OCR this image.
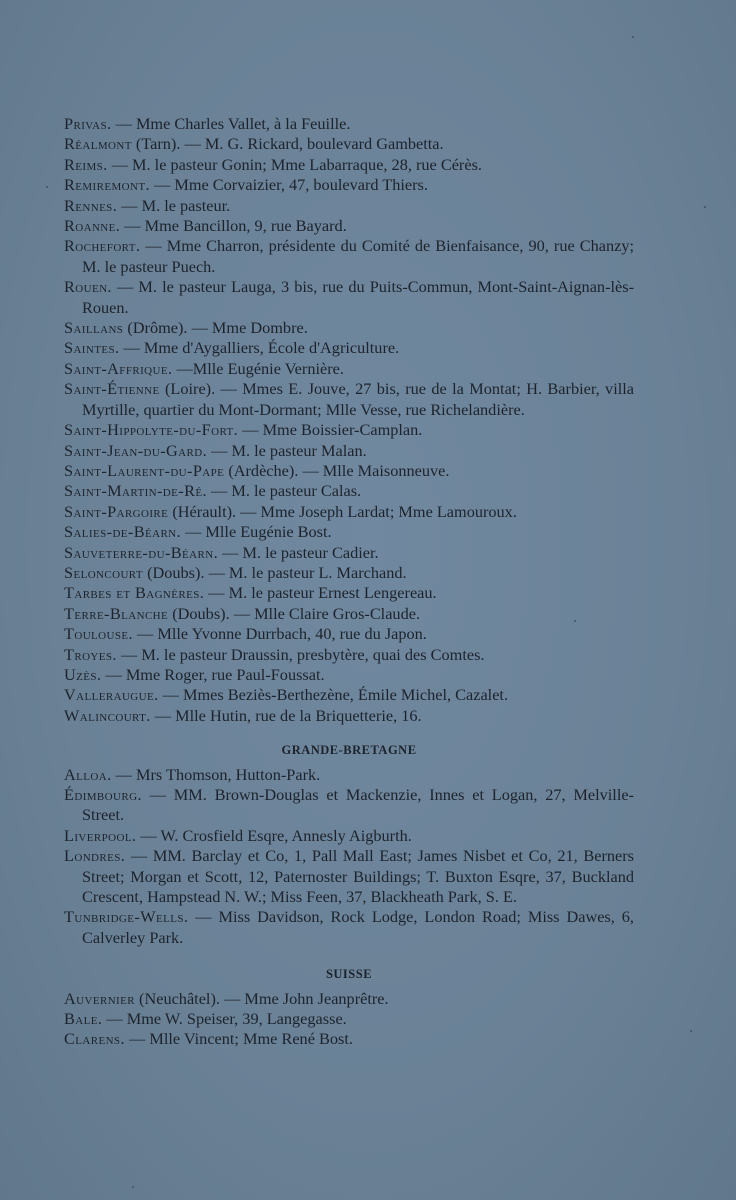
Privas. — Mme Charles Vallet, à la Feuille.
Réalmont (Tarn). — M. G. Rickard, boulevard Gambetta.
Reims. — M. le pasteur Gonin; Mme Labarraque, 28, rue Cérès.
Remiremont. — Mme Corvaizier, 47, boulevard Thiers.
Rennes. — M. le pasteur.
Roanne. — Mme Bancillon, 9, rue Bayard.
Rochefort. — Mme Charron, présidente du Comité de Bienfaisance, 90, rue Chanzy; M. le pasteur Puech.
Rouen. — M. le pasteur Lauga, 3 bis, rue du Puits-Commun, Mont-Saint-Aignan-lès-Rouen.
Saillans (Drôme). — Mme Dombre.
Saintes. — Mme d'Aygalliers, École d'Agriculture.
Saint-Affrique. —Mlle Eugénie Vernière.
Saint-Étienne (Loire). — Mmes E. Jouve, 27 bis, rue de la Montat; H. Barbier, villa Myrtille, quartier du Mont-Dormant; Mlle Vesse, rue Richelandière.
Saint-Hippolyte-du-Fort. — Mme Boissier-Camplan.
Saint-Jean-du-Gard. — M. le pasteur Malan.
Saint-Laurent-du-Pape (Ardèche). — Mlle Maisonneuve.
Saint-Martin-de-Ré. — M. le pasteur Calas.
Saint-Pargoire (Hérault). — Mme Joseph Lardat; Mme Lamouroux.
Salies-de-Béarn. — Mlle Eugénie Bost.
Sauveterre-du-Béarn. — M. le pasteur Cadier.
Seloncourt (Doubs). — M. le pasteur L. Marchand.
Tarbes et Bagnères. — M. le pasteur Ernest Lengereau.
Terre-Blanche (Doubs). — Mlle Claire Gros-Claude.
Toulouse. — Mlle Yvonne Durrbach, 40, rue du Japon.
Troyes. — M. le pasteur Draussin, presbytère, quai des Comtes.
Uzès. — Mme Roger, rue Paul-Foussat.
Valleraugue. — Mmes Beziès-Berthezène, Émile Michel, Cazalet.
Walincourt. — Mlle Hutin, rue de la Briquetterie, 16.
GRANDE-BRETAGNE
Alloa. — Mrs Thomson, Hutton-Park.
Édimbourg. — MM. Brown-Douglas et Mackenzie, Innes et Logan, 27, Melville-Street.
Liverpool. — W. Crosfield Esqre, Annesly Aigburth.
Londres. — MM. Barclay et Co, 1, Pall Mall East; James Nisbet et Co, 21, Berners Street; Morgan et Scott, 12, Paternoster Buildings; T. Buxton Esqre, 37, Buckland Crescent, Hampstead N. W.; Miss Feen, 37, Blackheath Park, S. E.
Tunbridge-Wells. — Miss Davidson, Rock Lodge, London Road; Miss Dawes, 6, Calverley Park.
SUISSE
Auvernier (Neuchâtel). — Mme John Jeanprêtre.
Bale. — Mme W. Speiser, 39, Langegasse.
Clarens. — Mlle Vincent; Mme René Bost.
